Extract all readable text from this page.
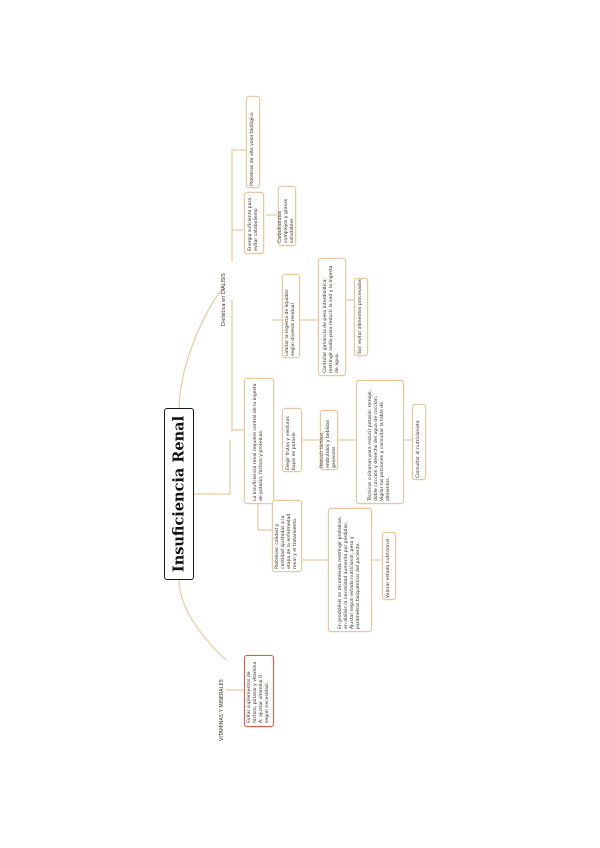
Insuficiencia Renal
VITAMINAS Y MINERALES	Evitar suplementos de fósforo, potasio y vitamina A; ajustar vitamina D según necesidad.
Dietética en DIÁLISIS
Proteínas de alto valor biológico
Energía suficiente para evitar catabolismo	Carbohidratos complejos y grasas saludables
Limitar la ingesta de líquidos según diuresis residual	Controlar ganancia de peso interdialítica; restringir sodio para reducir la sed y la ingesta de agua.
Sal: evitar alimentos procesados
La insuficiencia renal requiere control de la ingesta de potasio, fósforo y proteínas.	Elegir frutas y verduras bajas en potasio	Reducir lácteos, embutidos y bebidas gaseosas	Técnicas culinarias para reducir potasio: remojo, doble cocción y desecho del agua de cocción. Vigilar las porciones y consultar la tabla de alimentos.
Consultar al nutricionista
Proteínas: calidad y cantidad ajustadas a la etapa de la enfermedad renal y el tratamiento.	En prediálisis se recomienda restringir proteínas; en diálisis la necesidad aumenta por pérdidas. Ajustar según estado nutricional, peso y parámetros bioquímicos del paciente.	Valorar estado nutricional
